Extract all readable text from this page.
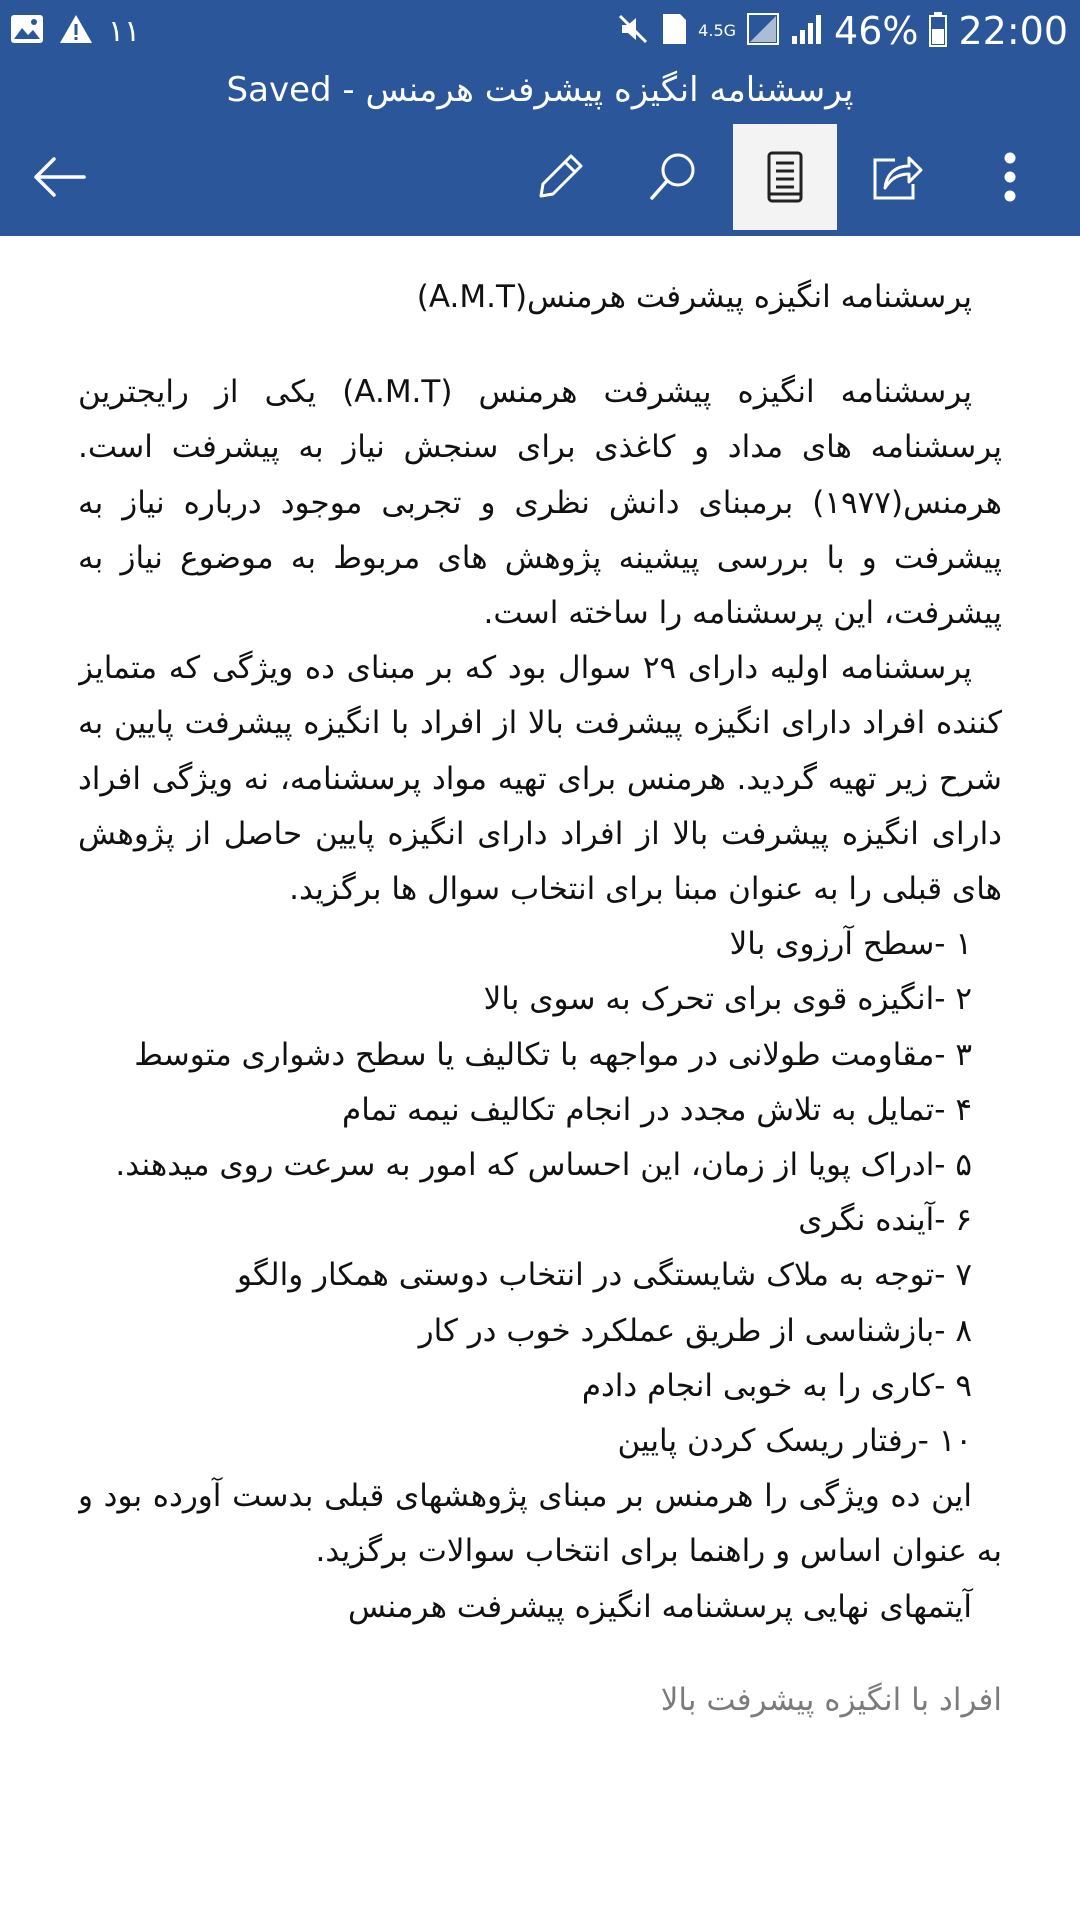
۱۱	4.5G	46% 22:00
پرسشنامه انگیزه پیشرفت هرمنس - Saved

پرسشنامه انگیزه پیشرفت هرمنس(A.M.T)

پرسشنامه انگیزه پیشرفت هرمنس (A.M.T) یکی از رایجترین پرسشنامه های مداد و کاغذی برای سنجش نیاز به پیشرفت است. هرمنس(۱۹۷۷) برمبنای دانش نظری و تجربی موجود درباره نیاز به پیشرفت و با بررسی پیشینه پژوهش های مربوط به موضوع نیاز به پیشرفت، این پرسشنامه را ساخته است.

پرسشنامه اولیه دارای ۲۹ سوال بود که بر مبنای ده ویژگی که متمایز کننده افراد دارای انگیزه پیشرفت بالا از افراد با انگیزه پیشرفت پایین به شرح زیر تهیه گردید. هرمنس برای تهیه مواد پرسشنامه، نه ویژگی افراد دارای انگیزه پیشرفت بالا از افراد دارای انگیزه پایین حاصل از پژوهش های قبلی را به عنوان مبنا برای انتخاب سوال ها برگزید.

۱ -سطح آرزوی بالا

۲ -انگیزه قوی برای تحرک به سوی بالا

۳ -مقاومت طولانی در مواجهه با تکالیف یا سطح دشواری متوسط

۴ -تمایل به تلاش مجدد در انجام تکالیف نیمه تمام

۵ -ادراک پویا از زمان، این احساس که امور به سرعت روی میدهند.

۶ -آینده نگری

۷ -توجه به ملاک شایستگی در انتخاب دوستی همکار والگو

۸ -بازشناسی از طریق عملکرد خوب در کار

۹ -کاری را به خوبی انجام دادم

۱۰ -رفتار ریسک کردن پایین

این ده ویژگی را هرمنس بر مبنای پژوهشهای قبلی بدست آورده بود و به عنوان اساس و راهنما برای انتخاب سوالات برگزید.

آیتمهای نهایی پرسشنامه انگیزه پیشرفت هرمنس

افراد با انگیزه پیشرفت بالا
